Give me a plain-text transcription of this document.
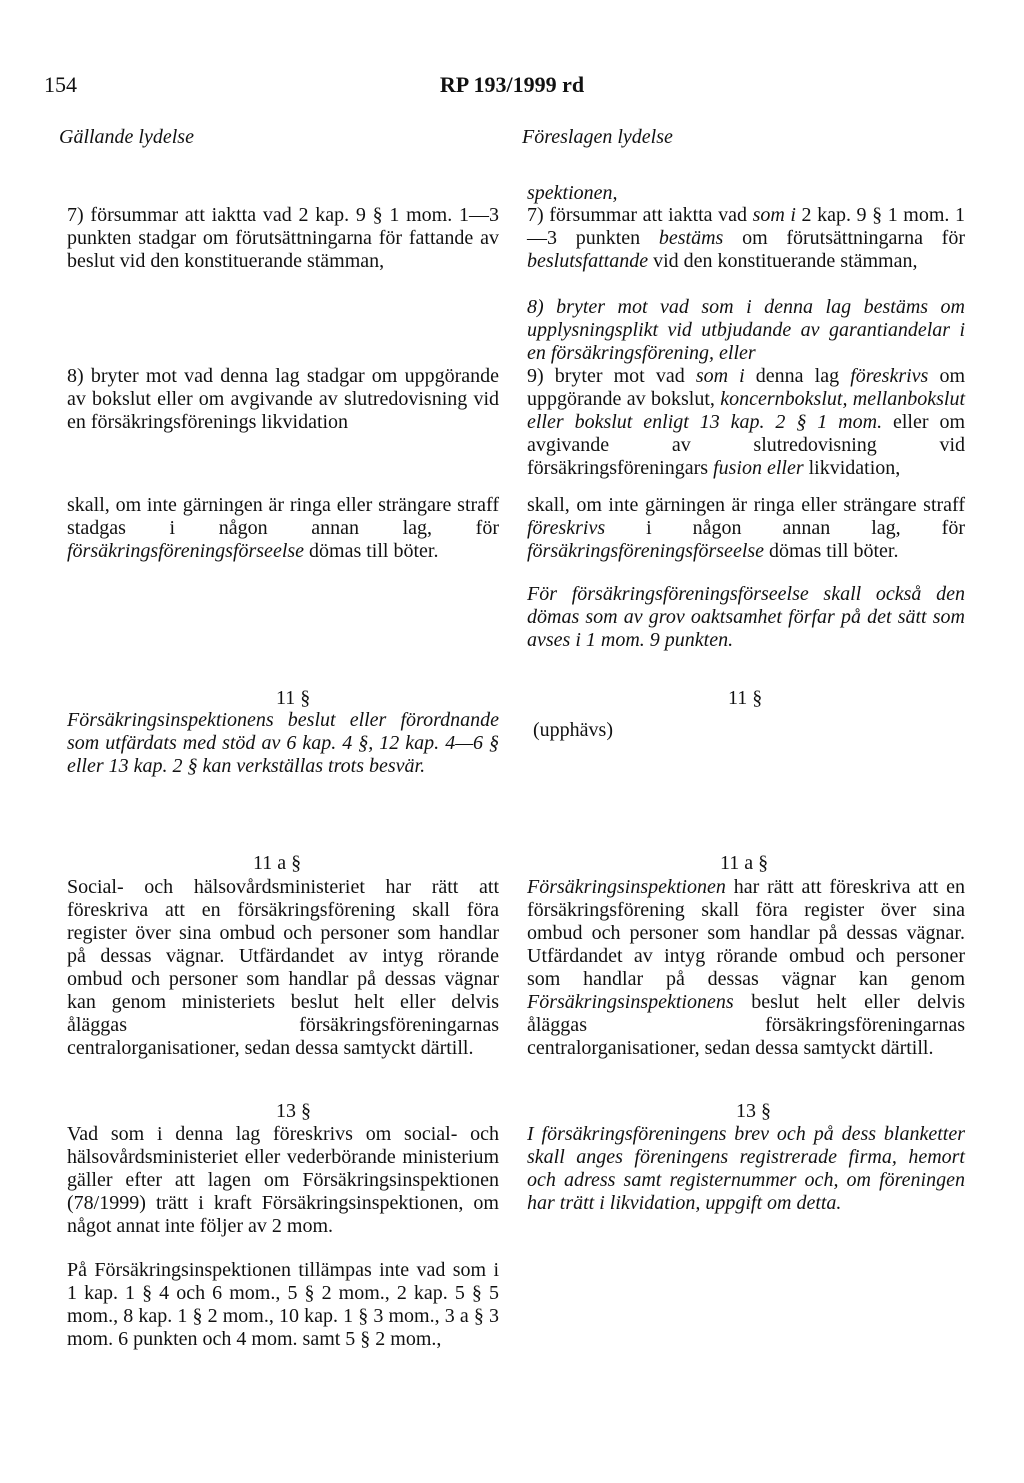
154	RP 193/1999 rd
Gällande lydelse	Föreslagen lydelse

7) försummar att iaktta vad 2 kap. 9 § 1 mom. 1—3 punkten stadgar om förutsättningarna för fattande av beslut vid den konstituerande stämman,

8) bryter mot vad denna lag stadgar om uppgörande av bokslut eller om avgivande av slutredovisning vid en försäkringsförenings likvidation

skall, om inte gärningen är ringa eller strängare straff stadgas i någon annan lag, för försäkringsföreningsförseelse dömas till böter.

11 §

Försäkringsinspektionens beslut eller förordnande som utfärdats med stöd av 6 kap. 4 §, 12 kap. 4—6 § eller 13 kap. 2 § kan verkställas trots besvär.

11 a §

Social- och hälsovårdsministeriet har rätt att föreskriva att en försäkringsförening skall föra register över sina ombud och personer som handlar på dessas vägnar. Utfärdandet av intyg rörande ombud och personer som handlar på dessas vägnar kan genom ministeriets beslut helt eller delvis åläggas försäkringsföreningarnas centralorganisationer, sedan dessa samtyckt därtill.

13 §

Vad som i denna lag föreskrivs om social- och hälsovårdsministeriet eller vederbörande ministerium gäller efter att lagen om Försäkringsinspektionen (78/1999) trätt i kraft Försäkringsinspektionen, om något annat inte följer av 2 mom.

På Försäkringsinspektionen tillämpas inte vad som i 1 kap. 1 § 4 och 6 mom., 5 § 2 mom., 2 kap. 5 § 5 mom., 8 kap. 1 § 2 mom., 10 kap. 1 § 3 mom., 3 a § 3 mom. 6 punkten och 4 mom. samt 5 § 2 mom.,

spektionen,

7) försummar att iaktta vad som i 2 kap. 9 § 1 mom. 1—3 punkten bestäms om förutsättningarna för beslutsfattande vid den konstituerande stämman,

8) bryter mot vad som i denna lag bestäms om upplysningsplikt vid utbjudande av garantiandelar i en försäkringsförening, eller

9) bryter mot vad som i denna lag föreskrivs om uppgörande av bokslut, koncernbokslut, mellanbokslut eller bokslut enligt 13 kap. 2 § 1 mom. eller om avgivande av slutredovisning vid försäkringsföreningars fusion eller likvidation,

skall, om inte gärningen är ringa eller strängare straff föreskrivs i någon annan lag, för försäkringsföreningsförseelse dömas till böter.

För försäkringsföreningsförseelse skall också den dömas som av grov oaktsamhet förfar på det sätt som avses i 1 mom. 9 punkten.

11 §
(upphävs)
11 a §

Försäkringsinspektionen har rätt att föreskriva att en försäkringsförening skall föra register över sina ombud och personer som handlar på dessas vägnar. Utfärdandet av intyg rörande ombud och personer som handlar på dessas vägnar kan genom Försäkringsinspektionens beslut helt eller delvis åläggas försäkringsföreningarnas centralorganisationer, sedan dessa samtyckt därtill.

13 §

I försäkringsföreningens brev och på dess blanketter skall anges föreningens registrerade firma, hemort och adress samt registernummer och, om föreningen har trätt i likvidation, uppgift om detta.
